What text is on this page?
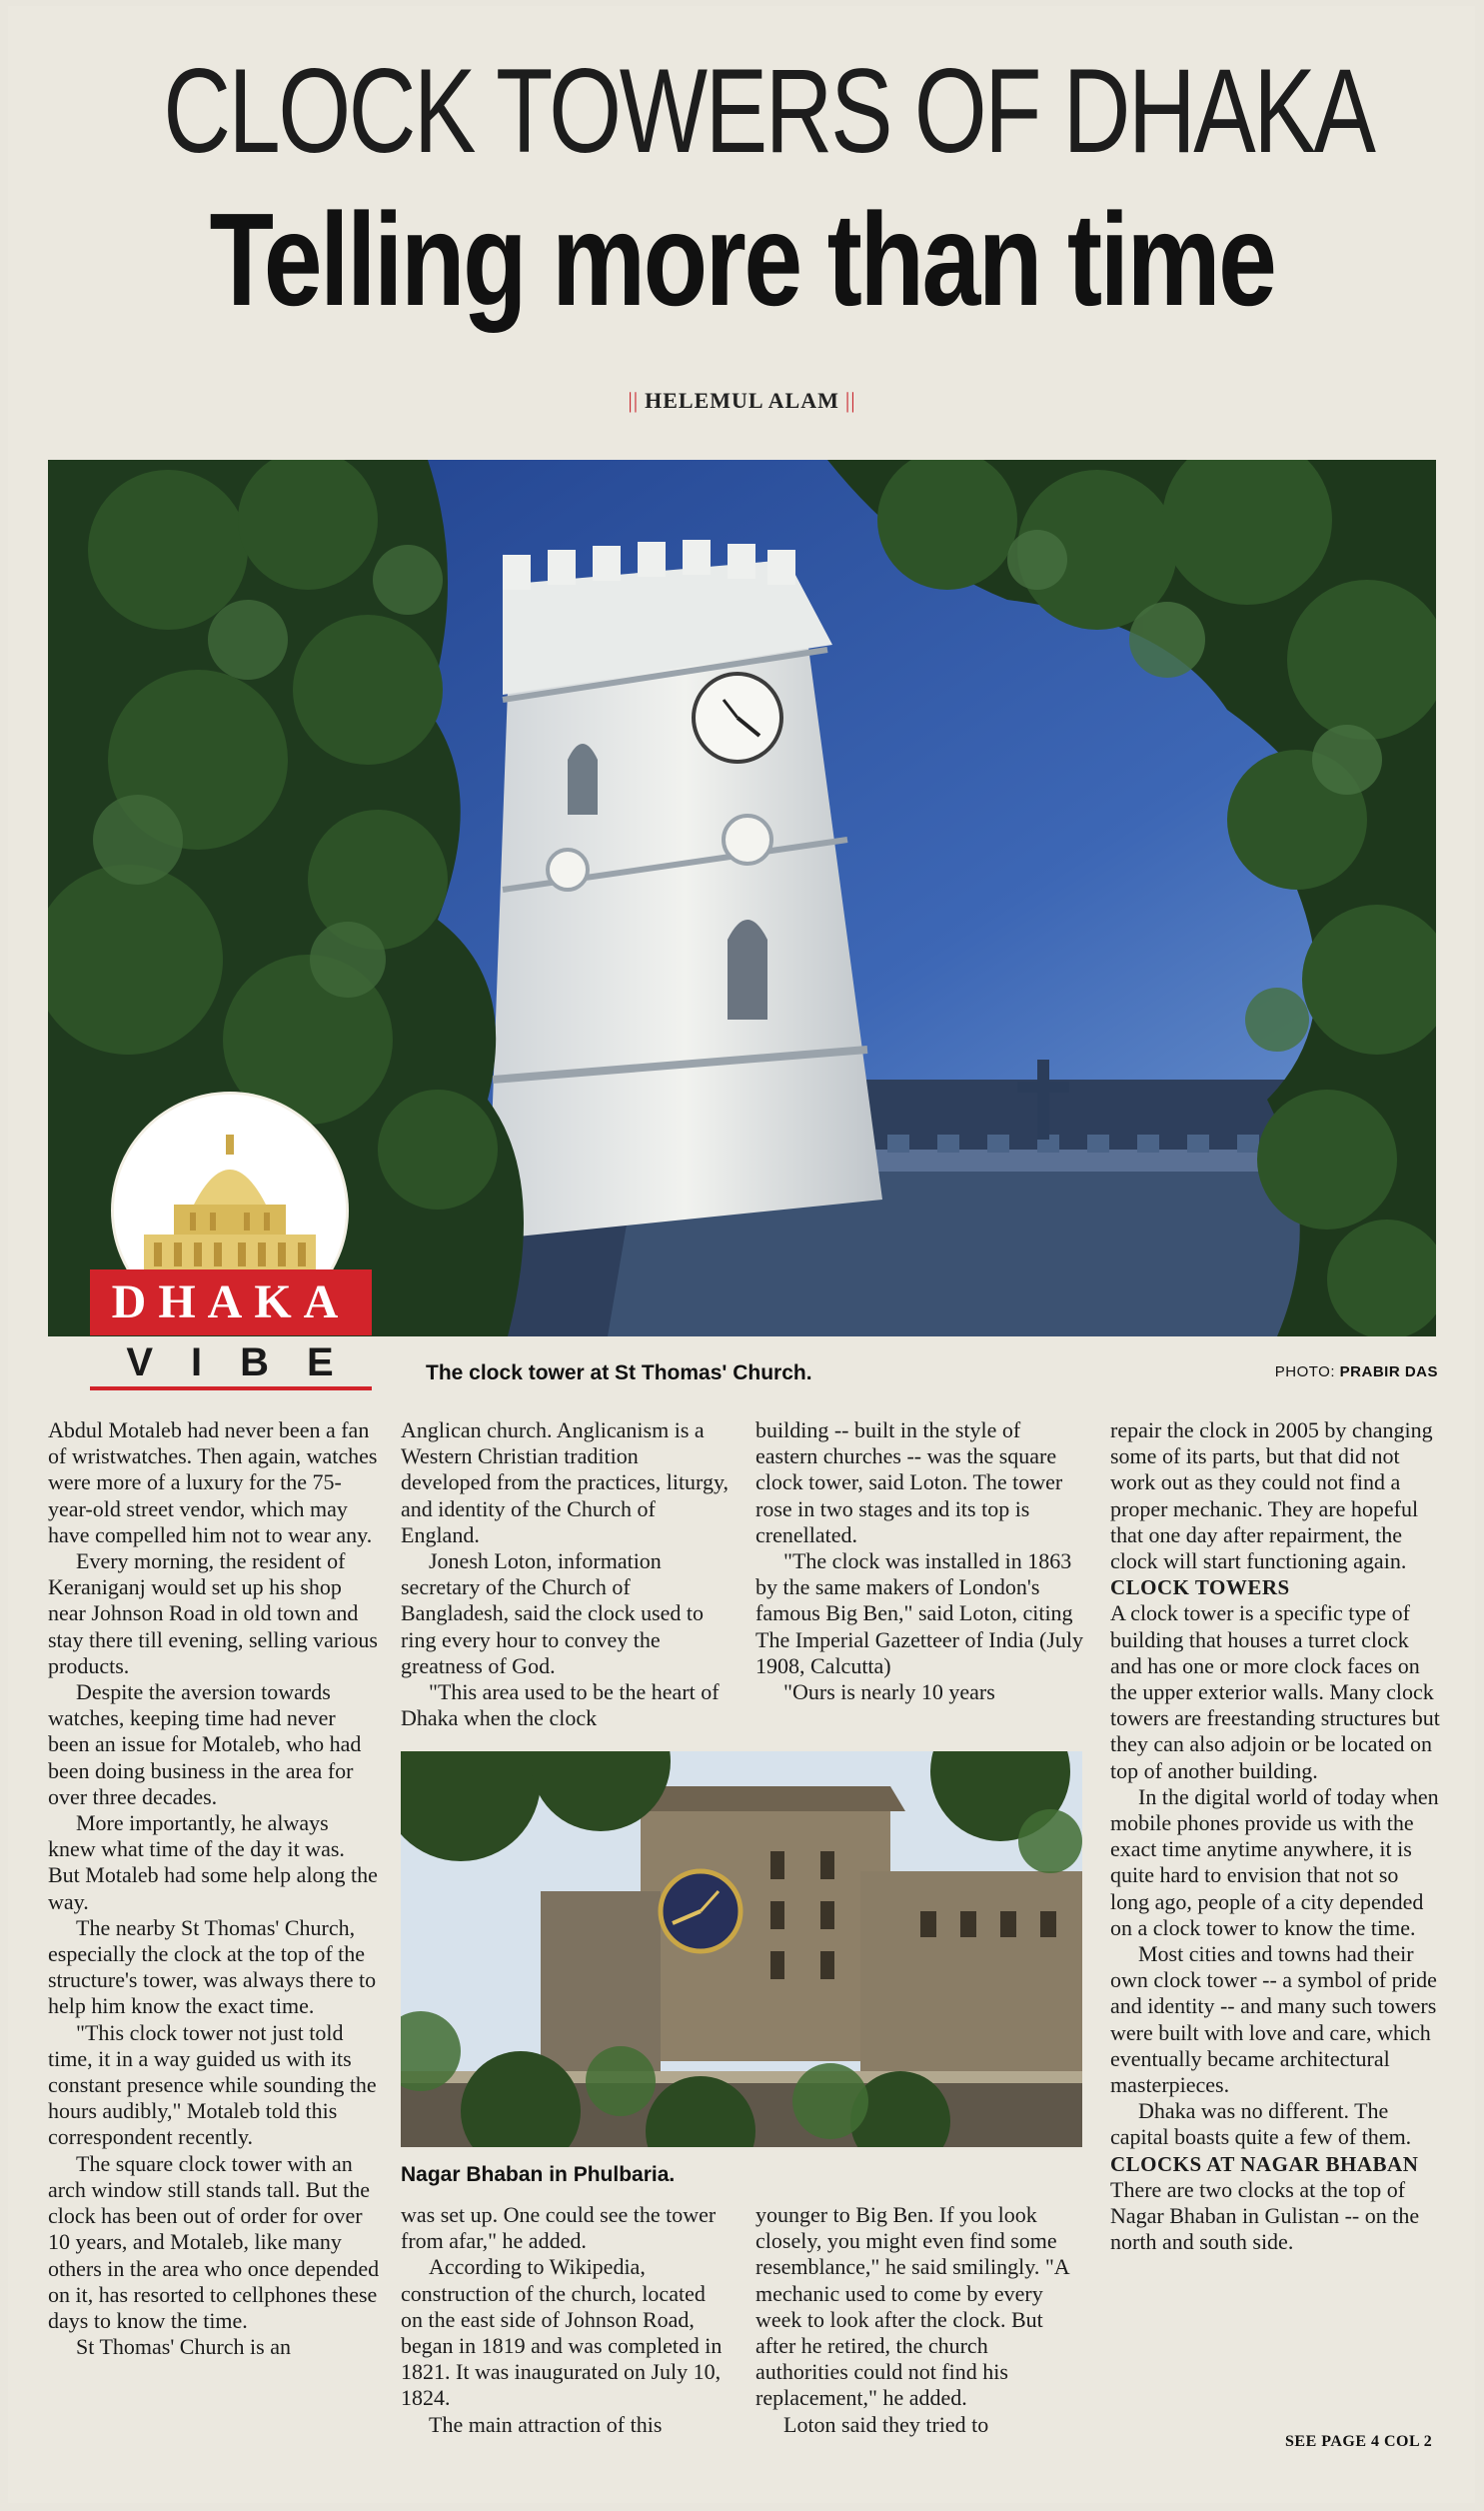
CLOCK TOWERS OF DHAKA
Telling more than time
|| HELEMUL ALAM ||
DHAKA
VIBE	The clock tower at St Thomas' Church.	PHOTO: PRABIR DAS

Abdul Motaleb had never been a fan of wristwatches. Then again, watches were more of a luxury for the 75-year-old street vendor, which may have compelled him not to wear any.

Every morning, the resident of Keraniganj would set up his shop near Johnson Road in old town and stay there till evening, selling various products.

Despite the aversion towards watches, keeping time had never been an issue for Motaleb, who had been doing business in the area for over three decades.

More importantly, he always knew what time of the day it was. But Motaleb had some help along the way.

The nearby St Thomas' Church, especially the clock at the top of the structure's tower, was always there to help him know the exact time.

"This clock tower not just told time, it in a way guided us with its constant presence while sounding the hours audibly," Motaleb told this correspondent recently.

The square clock tower with an arch window still stands tall. But the clock has been out of order for over 10 years, and Motaleb, like many others in the area who once depended on it, has resorted to cellphones these days to know the time.

St Thomas' Church is an

Anglican church. Anglicanism is a Western Christian tradition developed from the practices, liturgy, and identity of the Church of England.

Jonesh Loton, information secretary of the Church of Bangladesh, said the clock used to ring every hour to convey the greatness of God.

"This area used to be the heart of Dhaka when the clock

building -- built in the style of eastern churches -- was the square clock tower, said Loton. The tower rose in two stages and its top is crenellated.

"The clock was installed in 1863 by the same makers of London's famous Big Ben," said Loton, citing The Imperial Gazetteer of India (July 1908, Calcutta)

"Ours is nearly 10 years

Nagar Bhaban in Phulbaria.

was set up. One could see the tower from afar," he added.

According to Wikipedia, construction of the church, located on the east side of Johnson Road, began in 1819 and was completed in 1821. It was inaugurated on July 10, 1824.

The main attraction of this

younger to Big Ben. If you look closely, you might even find some resemblance," he said smilingly. "A mechanic used to come by every week to look after the clock. But after he retired, the church authorities could not find his replacement," he added.

Loton said they tried to

repair the clock in 2005 by changing some of its parts, but that did not work out as they could not find a proper mechanic. They are hopeful that one day after repairment, the clock will start functioning again.

CLOCK TOWERS

A clock tower is a specific type of building that houses a turret clock and has one or more clock faces on the upper exterior walls. Many clock towers are freestanding structures but they can also adjoin or be located on top of another building.

In the digital world of today when mobile phones provide us with the exact time anytime anywhere, it is quite hard to envision that not so long ago, people of a city depended on a clock tower to know the time.

Most cities and towns had their own clock tower -- a symbol of pride and identity -- and many such towers were built with love and care, which eventually became architectural masterpieces.

Dhaka was no different. The capital boasts quite a few of them.

CLOCKS AT NAGAR BHABAN

There are two clocks at the top of Nagar Bhaban in Gulistan -- on the north and south side.

SEE PAGE 4 COL 2
